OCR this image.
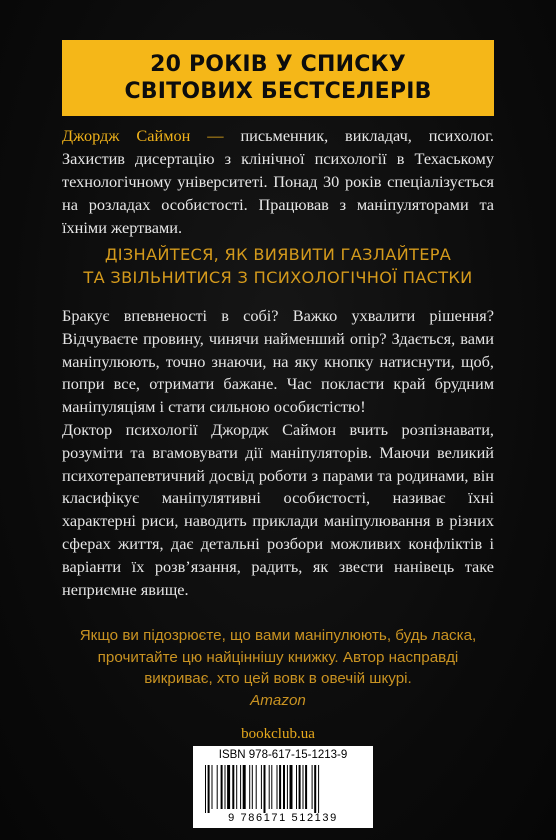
20 РОКІВ У СПИСКУ
СВІТОВИХ БЕСТСЕЛЕРІВ
Джордж Саймон — письменник, викладач, психолог. Захистив дисертацію з клінічної психології в Техаському технологічному університеті. Понад 30 років спеціалізується на розладах особистості. Працював з маніпуляторами та їхніми жертвами.
ДІЗНАЙТЕСЯ, ЯК ВИЯВИТИ ГАЗЛАЙТЕРА
ТА ЗВІЛЬНИТИСЯ З ПСИХОЛОГІЧНОЇ ПАСТКИ

Бракує впевненості в собі? Важко ухвалити рішення? Відчуваєте провину, чинячи найменший опір? Здається, вами маніпулюють, точно знаючи, на яку кнопку натиснути, щоб, попри все, отримати бажане. Час покласти край брудним маніпуляціям і стати сильною особистістю!

Доктор психології Джордж Саймон вчить розпізнавати, розуміти та вгамовувати дії маніпуляторів. Маючи великий психотерапевтичний досвід роботи з парами та родинами, він класифікує маніпулятивні особистості, називає їхні характерні риси, наводить приклади маніпулювання в різних сферах життя, дає детальні розбори можливих конфліктів і варіанти їх розв’язання, радить, як звести нанівець таке неприємне явище.

Якщо ви підозрюєте, що вами маніпулюють, будь ласка, прочитайте цю найціннішу книжку. Автор насправді викриває, хто цей вовк в овечій шкурі.
Amazon
bookclub.ua
ISBN 978-617-15-1213-9
9 786171 512139
